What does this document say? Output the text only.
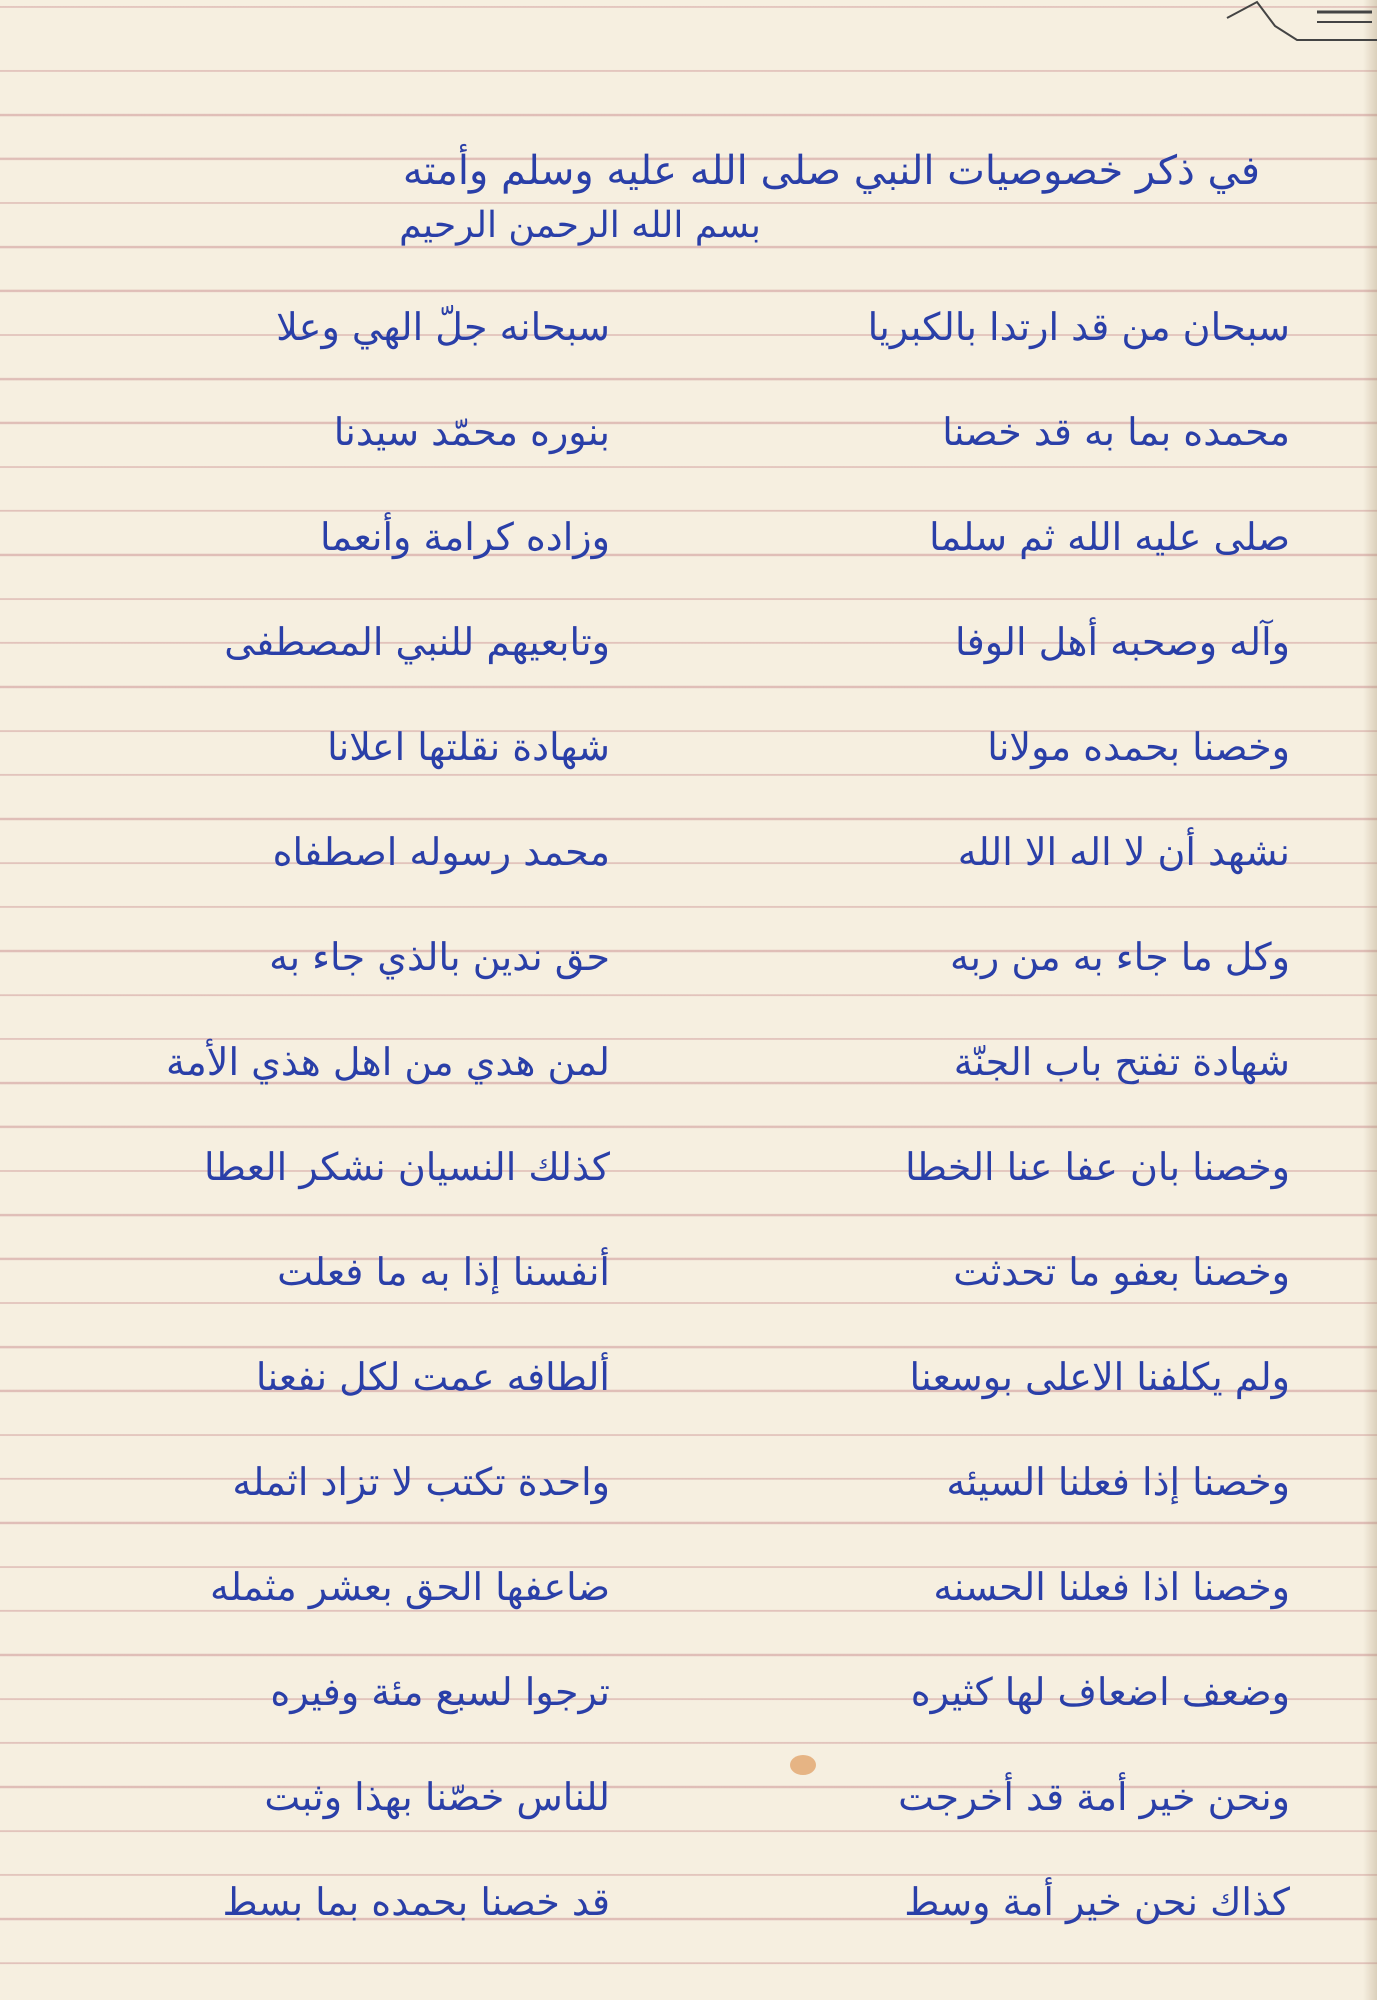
في ذكر خصوصيات النبي صلى الله عليه وسلم وأمته
بسم الله الرحمن الرحيم
سبحان من قد ارتدا بالكبريا
سبحانه جلّ الهي وعلا
محمده بما به قد خصنا
بنوره محمّد سيدنا
صلى عليه الله ثم سلما
وزاده كرامة وأنعما
وآله وصحبه أهل الوفا
وتابعيهم للنبي المصطفى
وخصنا بحمده مولانا
شهادة نقلتها اعلانا
نشهد أن لا اله الا الله
محمد رسوله اصطفاه
وكل ما جاء به من ربه
حق ندين بالذي جاء به
شهادة تفتح باب الجنّة
لمن هدي من اهل هذي الأمة
وخصنا بان عفا عنا الخطا
كذلك النسيان نشكر العطا
وخصنا بعفو ما تحدثت
أنفسنا إذا به ما فعلت
ولم يكلفنا الاعلى بوسعنا
ألطافه عمت لكل نفعنا
وخصنا إذا فعلنا السيئه
واحدة تكتب لا تزاد اثمله
وخصنا اذا فعلنا الحسنه
ضاعفها الحق بعشر مثمله
وضعف اضعاف لها كثيره
ترجوا لسبع مئة وفيره
ونحن خير أمة قد أخرجت
للناس خصّنا بهذا وثبت
كذاك نحن خير أمة وسط
قد خصنا بحمده بما بسط
